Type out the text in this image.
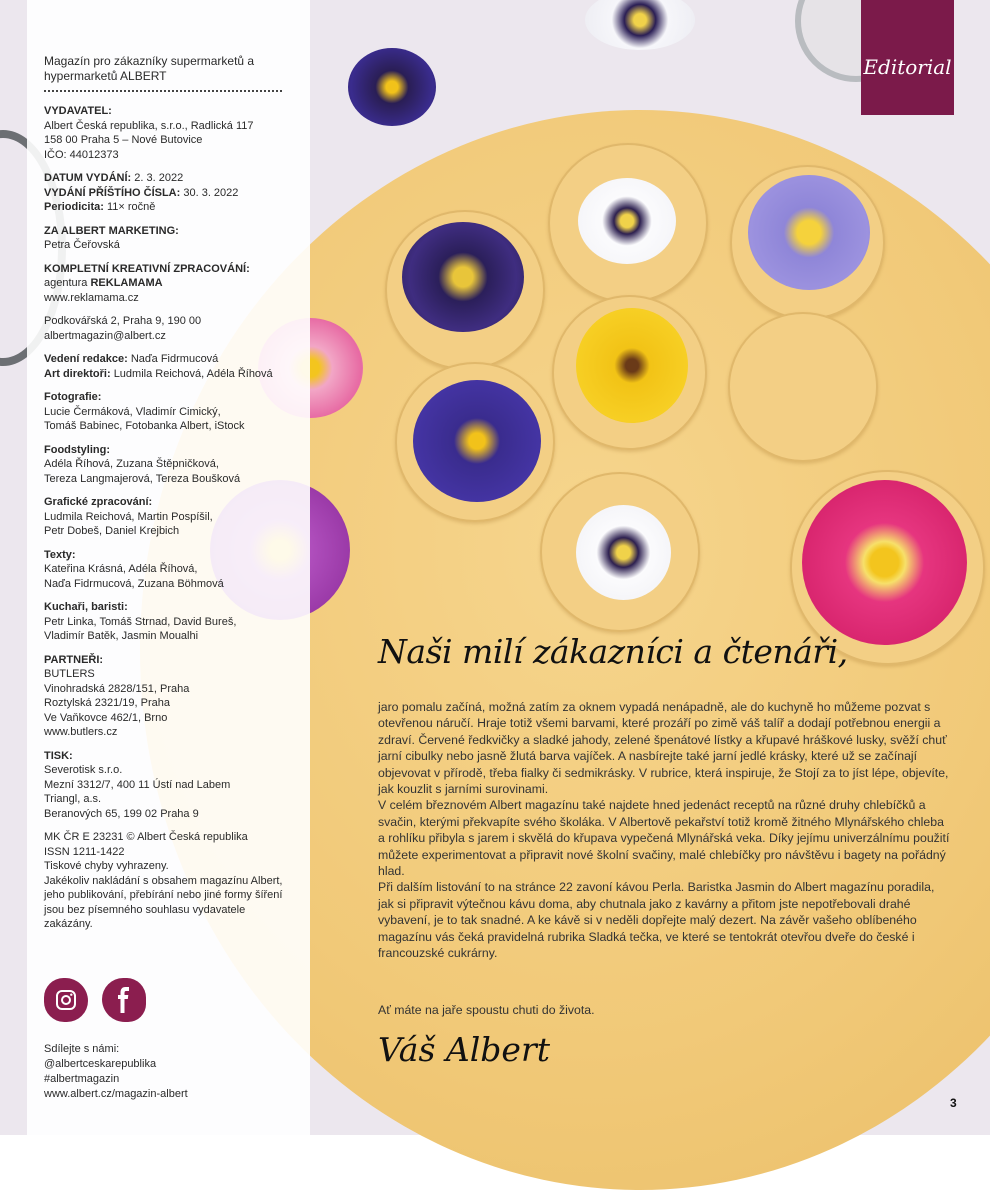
Magazín pro zákazníky supermarketů a hypermarketů ALBERT
VYDAVATEL:
Albert Česká republika, s.r.o., Radlická 117
158 00 Praha 5 – Nové Butovice
IČO: 44012373
DATUM VYDÁNÍ: 2. 3. 2022
VYDÁNÍ PŘÍŠTÍHO ČÍSLA: 30. 3. 2022
Periodicita: 11× ročně
ZA ALBERT MARKETING:
Petra Čeřovská
KOMPLETNÍ KREATIVNÍ ZPRACOVÁNÍ:
agentura REKLAMAMA
www.reklamama.cz
Podkovářská 2, Praha 9, 190 00
albertmagazin@albert.cz
Vedení redakce: Naďa Fidrmucová
Art direktoři: Ludmila Reichová, Adéla Říhová
Fotografie:
Lucie Čermáková, Vladimír Cimický,
Tomáš Babinec, Fotobanka Albert, iStock
Foodstyling:
Adéla Říhová, Zuzana Štěpničková,
Tereza Langmajerová, Tereza Boušková
Grafické zpracování:
Ludmila Reichová, Martin Pospíšil,
Petr Dobeš, Daniel Krejbich
Texty:
Kateřina Krásná, Adéla Říhová,
Naďa Fidrmucová, Zuzana Böhmová
Kuchaři, baristi:
Petr Linka, Tomáš Strnad, David Bureš,
Vladimír Batěk, Jasmin Moualhi
PARTNEŘI:
BUTLERS
Vinohradská 2828/151, Praha
Roztylská 2321/19, Praha
Ve Vaňkovce 462/1, Brno
www.butlers.cz
TISK:
Severotisk s.r.o.
Mezní 3312/7, 400 11 Ústí nad Labem
Triangl, a.s.
Beranových 65, 199 02 Praha 9
MK ČR E 23231 © Albert Česká republika
ISSN 1211-1422
Tiskové chyby vyhrazeny.
Jakékoliv nakládání s obsahem magazínu Albert, jeho publikování, přebírání nebo jiné formy šíření jsou bez písemného souhlasu vydavatele zakázány.
Sdílejte s námi:
@albertceskarepublika
#albertmagazin
www.albert.cz/magazin-albert
Editorial
Naši milí zákazníci a čtenáři,

jaro pomalu začíná, možná zatím za oknem vypadá nenápadně, ale do kuchyně ho můžeme pozvat s otevřenou náručí. Hraje totiž všemi barvami, které prozáří po zimě váš talíř a dodají potřebnou energii a zdraví. Červené ředkvičky a sladké jahody, zelené špenátové lístky a křupavé hráškové lusky, svěží chuť jarní cibulky nebo jasně žlutá barva vajíček. A nasbírejte také jarní jedlé krásky, které už se začínají objevovat v přírodě, třeba fialky či sedmikrásky. V rubrice, která inspiruje, že Stojí za to jíst lépe, objevíte, jak kouzlit s jarními surovinami.

V celém březnovém Albert magazínu také najdete hned jedenáct receptů na různé druhy chlebíčků a svačin, kterými překvapíte svého školáka. V Albertově pekařství totiž kromě žitného Mlynářského chleba a rohlíku přibyla s jarem i skvělá do křupava vypečená Mlynářská veka. Díky jejímu univerzálnímu použití můžete experimentovat a připravit nové školní svačiny, malé chlebíčky pro návštěvu i bagety na pořádný hlad.

Při dalším listování to na stránce 22 zavoní kávou Perla. Baristka Jasmin do Albert magazínu poradila, jak si připravit výtečnou kávu doma, aby chutnala jako z kavárny a přitom jste nepotřebovali drahé vybavení, je to tak snadné. A ke kávě si v neděli dopřejte malý dezert. Na závěr vašeho oblíbeného magazínu vás čeká pravidelná rubrika Sladká tečka, ve které se tentokrát otevřou dveře do české i francouzské cukrárny.

Ať máte na jaře spoustu chuti do života.
Váš Albert
3
